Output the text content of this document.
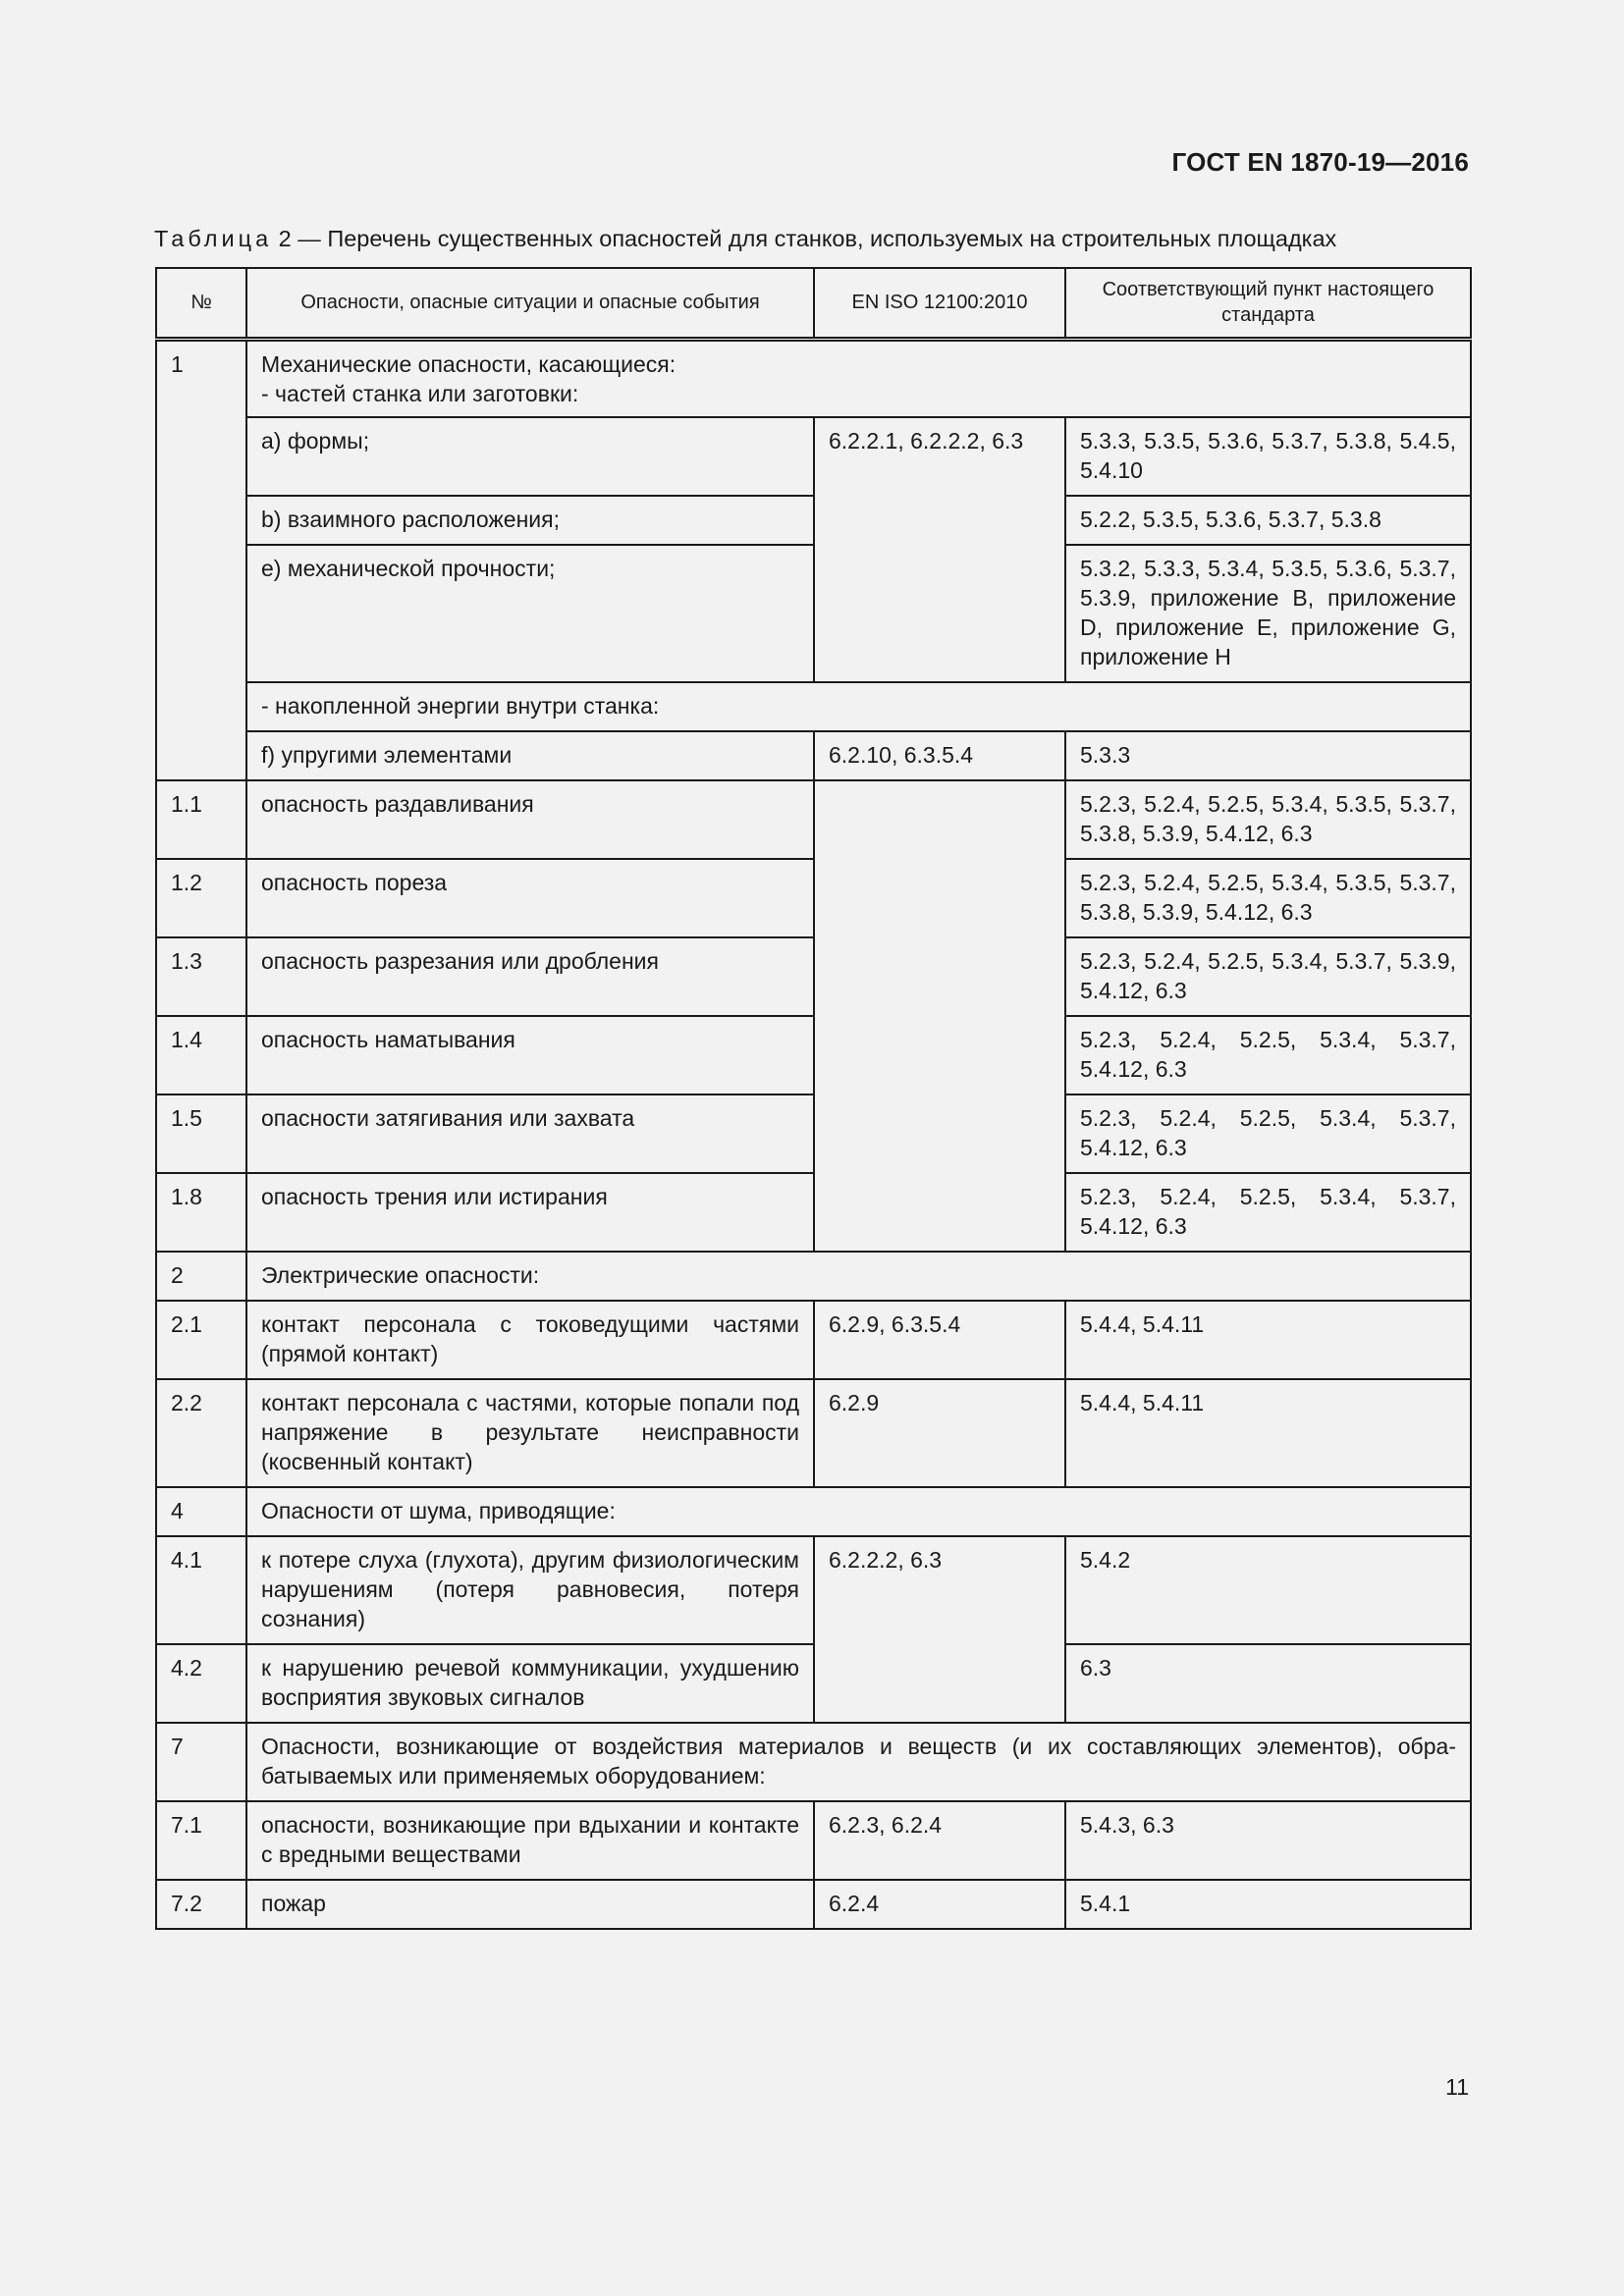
ГОСТ EN 1870-19—2016
Таблица 2 — Перечень существенных опасностей для станков, используемых на строительных площадках
№	Опасности, опасные ситуации и опасные события	EN ISO 12100:2010	Соответствующий пункт настоящего стандарта
1	Механические опасности, касающиеся:
- частей станка или заготовки:		
	a) формы;	6.2.2.1, 6.2.2.2, 6.3	5.3.3, 5.3.5, 5.3.6, 5.3.7, 5.3.8, 5.4.5, 5.4.10
	b) взаимного расположения;		5.2.2, 5.3.5, 5.3.6, 5.3.7, 5.3.8
	e) механической прочности;		5.3.2, 5.3.3, 5.3.4, 5.3.5, 5.3.6, 5.3.7, 5.3.9, приложение B, приложение D, приложение E, приложение G, приложение H
	- накопленной энергии внутри станка:		
	f) упругими элементами	6.2.10, 6.3.5.4	5.3.3
1.1	опасность раздавливания		5.2.3, 5.2.4, 5.2.5, 5.3.4, 5.3.5, 5.3.7, 5.3.8, 5.3.9, 5.4.12, 6.3
1.2	опасность пореза		5.2.3, 5.2.4, 5.2.5, 5.3.4, 5.3.5, 5.3.7, 5.3.8, 5.3.9, 5.4.12, 6.3
1.3	опасность разрезания или дробления		5.2.3, 5.2.4, 5.2.5, 5.3.4, 5.3.7, 5.3.9, 5.4.12, 6.3
1.4	опасность наматывания		5.2.3, 5.2.4, 5.2.5, 5.3.4, 5.3.7, 5.4.12, 6.3
1.5	опасности затягивания или захвата		5.2.3, 5.2.4, 5.2.5, 5.3.4, 5.3.7, 5.4.12, 6.3
1.8	опасность трения или истирания		5.2.3, 5.2.4, 5.2.5, 5.3.4, 5.3.7, 5.4.12, 6.3
2	Электрические опасности:		
2.1	контакт персонала с токоведущими частями (прямой контакт)	6.2.9, 6.3.5.4	5.4.4, 5.4.11
2.2	контакт персонала с частями, которые попали под напряжение в результате неисправности (косвенный контакт)	6.2.9	5.4.4, 5.4.11
4	Опасности от шума, приводящие:		
4.1	к потере слуха (глухота), другим физиологическим нарушениям (потеря равновесия, потеря сознания)	6.2.2.2, 6.3	5.4.2
4.2	к нарушению речевой коммуникации, ухудшению восприятия звуковых сигналов		6.3
7	Опасности, возникающие от воздействия материалов и веществ (и их составляющих элементов), обрабатываемых или применяемых оборудованием:		
7.1	опасности, возникающие при вдыхании и контакте с вредными веществами	6.2.3, 6.2.4	5.4.3, 6.3
7.2	пожар	6.2.4	5.4.1
11
